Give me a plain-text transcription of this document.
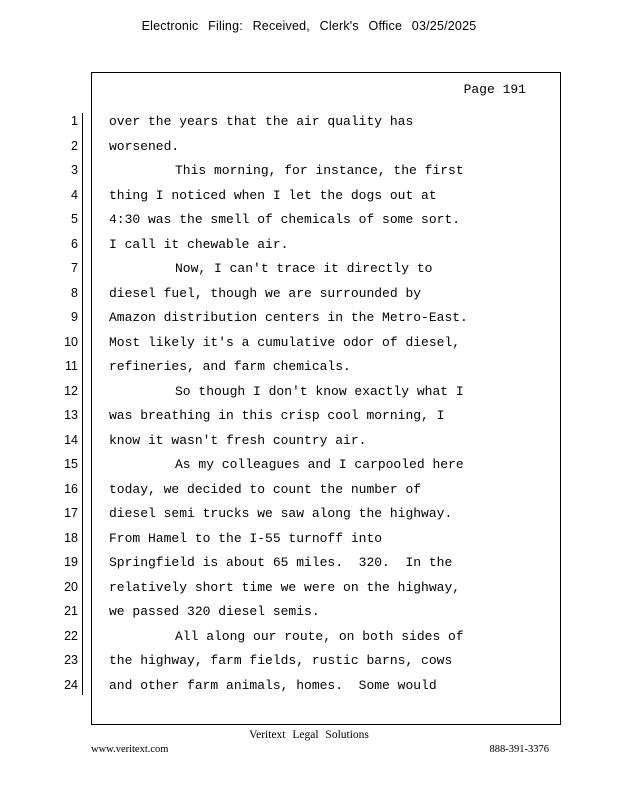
Electronic Filing: Received, Clerk's Office 03/25/2025
Page 191
1
2
3
4
5
6
7
8
9
10
11
12
13
14
15
16
17
18
19
20
21
22
23
24
over the years that the air quality has
worsened.
This morning, for instance, the first
thing I noticed when I let the dogs out at
4:30 was the smell of chemicals of some sort.
I call it chewable air.
Now, I can't trace it directly to
diesel fuel, though we are surrounded by
Amazon distribution centers in the Metro-East.
Most likely it's a cumulative odor of diesel,
refineries, and farm chemicals.
So though I don't know exactly what I
was breathing in this crisp cool morning, I
know it wasn't fresh country air.
As my colleagues and I carpooled here
today, we decided to count the number of
diesel semi trucks we saw along the highway.
From Hamel to the I-55 turnoff into
Springfield is about 65 miles.  320.  In the
relatively short time we were on the highway,
we passed 320 diesel semis.
All along our route, on both sides of
the highway, farm fields, rustic barns, cows
and other farm animals, homes.  Some would
Veritext Legal Solutions
www.veritext.com	888-391-3376
